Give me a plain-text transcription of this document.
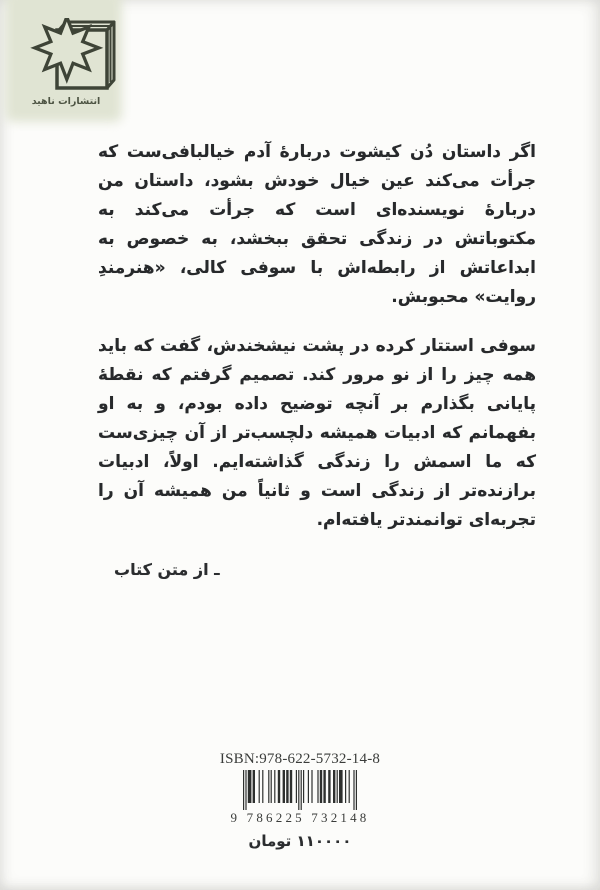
انتشارات ناهید

اگر داستان دُن کیشوت دربارۀ آدم خیالبافی‌ست که جرأت می‌کند عین خیال خودش بشود، داستان من دربارۀ نویسنده‌ای است که جرأت می‌کند به مکتوباتش در زندگی تحقق ببخشد، به خصوص به ابداعاتش از رابطه‌اش با سوفی کالی، «هنرمندِ روایت» محبوبش.

سوفی استتار کرده در پشت نیشخندش، گفت که باید همه چیز را از نو مرور کند. تصمیم گرفتم که نقطۀ پایانی بگذارم بر آنچه توضیح داده بودم، و به او بفهمانم که ادبیات همیشه دلچسب‌تر از آن چیزی‌ست که ما اسمش را زندگی گذاشته‌ایم. اولاً، ادبیات برازنده‌تر از زندگی است و ثانیاً من همیشه آن را تجربه‌ای توانمندتر یافته‌ام.

ـ از متن کتاب
ISBN:978-622-5732-14-8
9 786225 732148
۱۱۰۰۰۰ تومان
